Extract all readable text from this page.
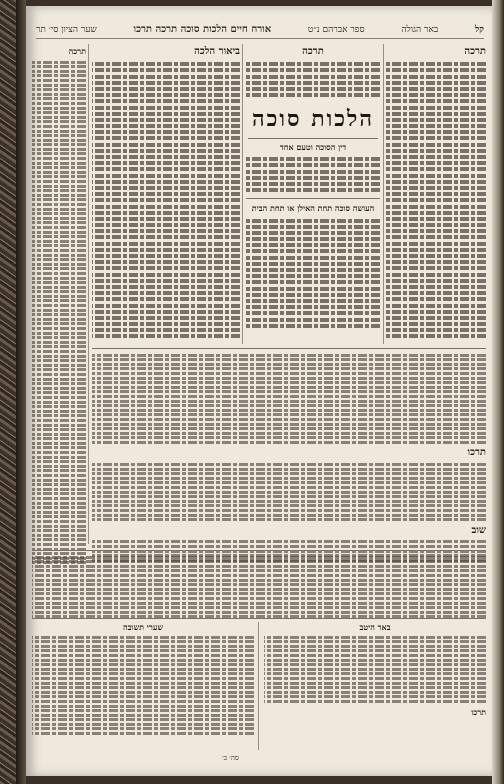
קל
באר הגולה
ספר אברהם נ״ט
אורח חיים הלכות סוכה תרכה תרכו
שער הציון סי׳ תר
תרכה	ביאור הלכה	תרכה
תרכה
הלכות סוכה
דין הסוכה וטעם אחד
העושה סוכה תחת האילן או תחת הבית
תרכו
שוב
שערי תשובה	באר היטב
תרכו
סה׳ ב׳
